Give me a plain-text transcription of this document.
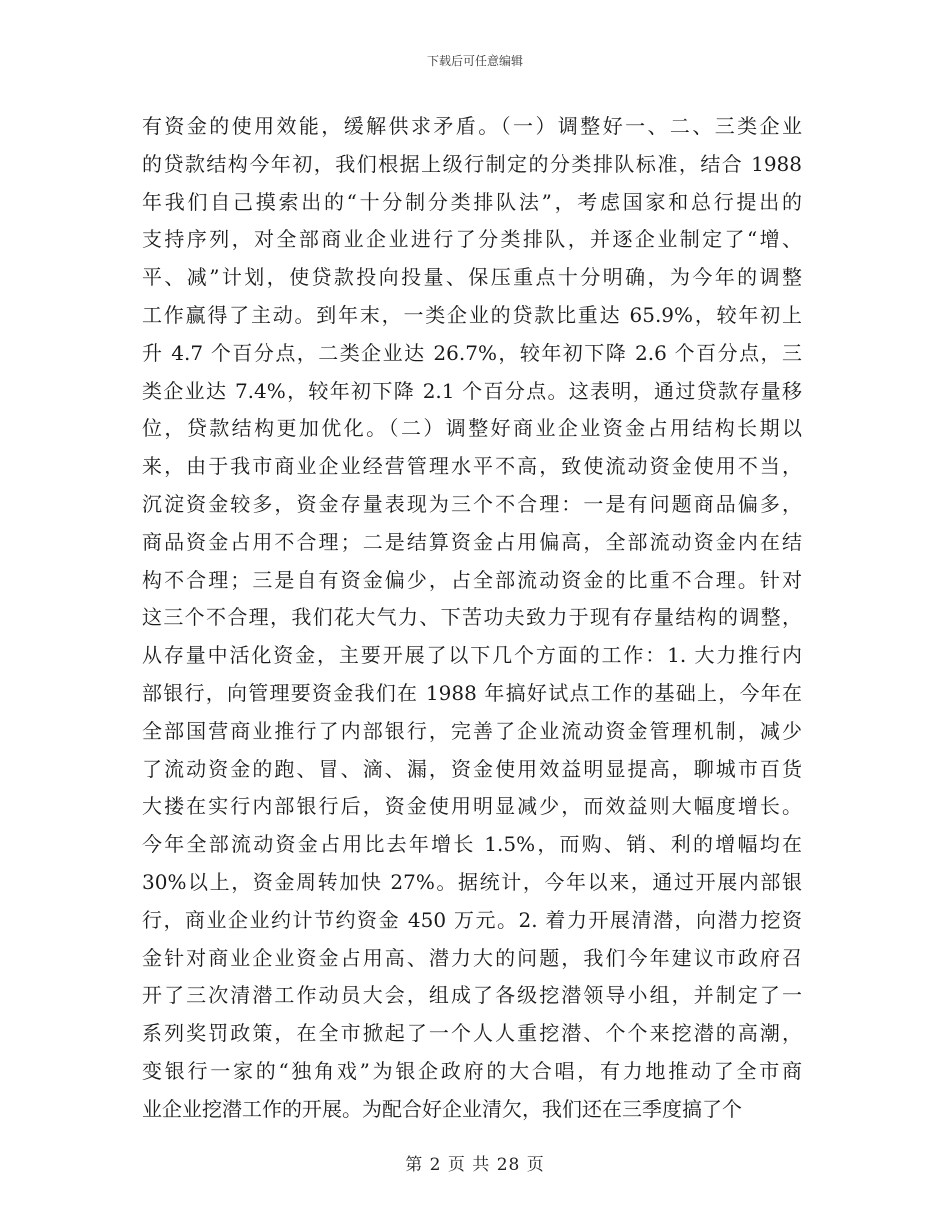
下载后可任意编辑
有资金的使用效能，缓解供求矛盾。（一）调整好一、二、三类企业
的贷款结构今年初，我们根据上级行制定的分类排队标准，结合 1988
年我们自己摸索出的“十分制分类排队法”，考虑国家和总行提出的
支持序列，对全部商业企业进行了分类排队，并逐企业制定了“增、
平、减”计划，使贷款投向投量、保压重点十分明确，为今年的调整
工作赢得了主动。到年末，一类企业的贷款比重达 65.9%，较年初上
升 4.7 个百分点，二类企业达 26.7%，较年初下降 2.6 个百分点，三
类企业达 7.4%，较年初下降 2.1 个百分点。这表明，通过贷款存量移
位，贷款结构更加优化。（二）调整好商业企业资金占用结构长期以
来，由于我市商业企业经营管理水平不高，致使流动资金使用不当，
沉淀资金较多，资金存量表现为三个不合理：一是有问题商品偏多，
商品资金占用不合理；二是结算资金占用偏高，全部流动资金内在结
构不合理；三是自有资金偏少，占全部流动资金的比重不合理。针对
这三个不合理，我们花大气力、下苦功夫致力于现有存量结构的调整，
从存量中活化资金，主要开展了以下几个方面的工作：1. 大力推行内
部银行，向管理要资金我们在 1988 年搞好试点工作的基础上，今年在
全部国营商业推行了内部银行，完善了企业流动资金管理机制，减少
了流动资金的跑、冒、滴、漏，资金使用效益明显提高，聊城市百货
大搂在实行内部银行后，资金使用明显减少，而效益则大幅度增长。
今年全部流动资金占用比去年增长 1.5%，而购、销、利的增幅均在
30%以上，资金周转加快 27%。据统计，今年以来，通过开展内部银
行，商业企业约计节约资金 450 万元。2. 着力开展清潜，向潜力挖资
金针对商业企业资金占用高、潜力大的问题，我们今年建议市政府召
开了三次清潜工作动员大会，组成了各级挖潜领导小组，并制定了一
系列奖罚政策，在全市掀起了一个人人重挖潜、个个来挖潜的高潮，
变银行一家的“独角戏”为银企政府的大合唱，有力地推动了全市商
业企业挖潜工作的开展。为配合好企业清欠，我们还在三季度搞了个
第 2 页 共 28 页
